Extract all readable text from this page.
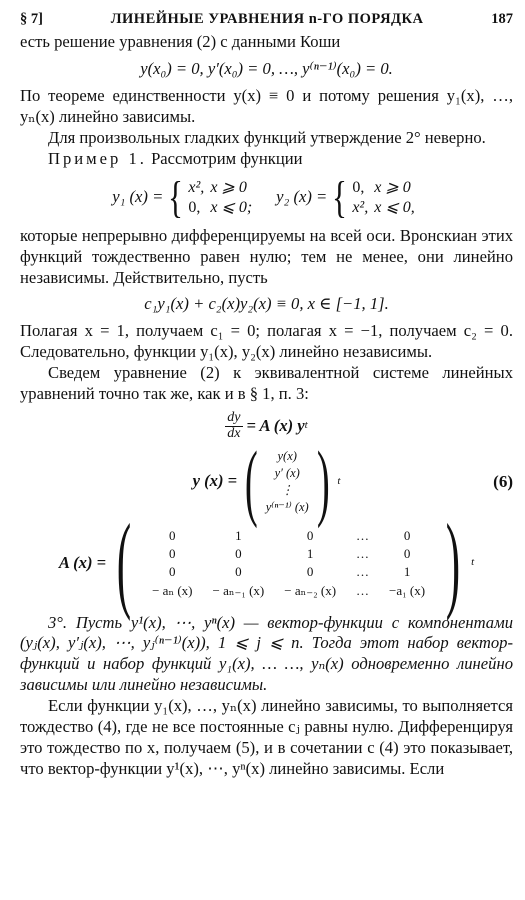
§ 7]	ЛИНЕЙНЫЕ УРАВНЕНИЯ n-ГО ПОРЯДКА	187

есть решение уравнения (2) с данными Коши

y(x₀) = 0, y′(x₀) = 0, …, y⁽ⁿ⁻¹⁾(x₀) = 0.

По теореме единственности y(x) ≡ 0 и потому решения y₁(x), …, yₙ(x) линейно зависимы.

Для произвольных гладких функций утверждение 2° неверно.

Пример 1. Рассмотрим функции

y₁ (x) = { x²,	x ⩾ 0
0,	x ⩽ 0;
y₂ (x) = { 0,	x ⩾ 0
x²,	x ⩽ 0,

которые непрерывно дифференцируемы на всей оси. Вронскиан этих функций тождественно равен нулю; тем не менее, они линейно независимы. Действительно, пусть

c₁y₁(x) + c₂(x)y₂(x) ≡ 0, x ∈ [−1, 1].

Полагая x = 1, получаем c₁ = 0; полагая x = −1, получаем c₂ = 0. Следовательно, функции y₁(x), y₂(x) линейно независимы.

Сведем уравнение (2) к эквивалентной системе линейных уравнений точно так же, как и в § 1, п. 3:

$\frac{dy}{dx} = A$ (x) y t
y (x) = ( y(x)
y′ (x)
⋮
y⁽ⁿ⁻¹⁾ (x) ) t	(6)
A (x) = (	0	1	0	…	0
0	0	1	…	0
0	0	0	…	1
− aₙ (x)	− aₙ₋₁ (x)	− aₙ₋₂ (x)	…	−a₁ (x) ) t

3°. Пусть y¹(x), ⋯, yⁿ(x) — вектор-функции с компонентами (yⱼ(x), y′ⱼ(x), ⋯, yⱼ⁽ⁿ⁻¹⁾(x)), 1 ⩽ j ⩽ n. Тогда этот набор вектор-функций и набор функций y₁(x), … …, yₙ(x) одновременно линейно зависимы или линейно независимы.

Если функции y₁(x), …, yₙ(x) линейно зависимы, то выполняется тождество (4), где не все постоянные cⱼ равны нулю. Дифференцируя это тождество по x, получаем (5), и в сочетании с (4) это показывает, что вектор-функции y¹(x), ⋯, yⁿ(x) линейно зависимы. Если
